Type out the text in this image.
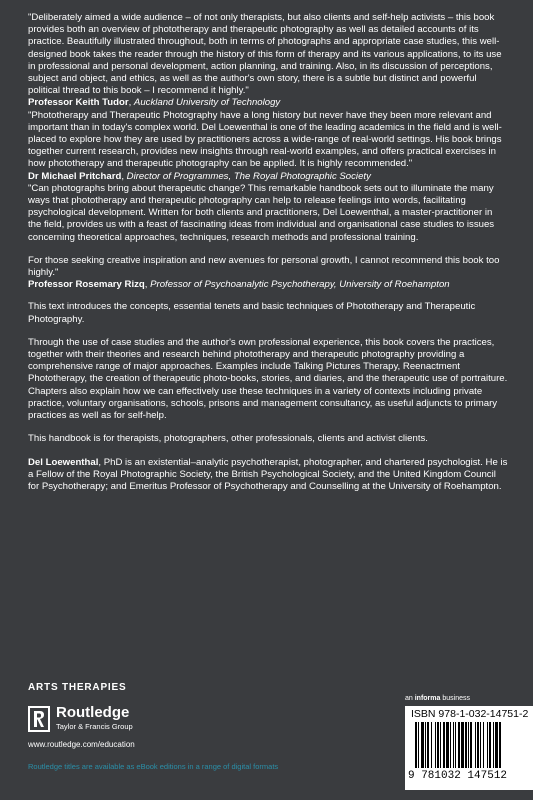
"Deliberately aimed a wide audience – of not only therapists, but also clients and self-help activists – this book provides both an overview of phototherapy and therapeutic photography as well as detailed accounts of its practice. Beautifully illustrated throughout, both in terms of photographs and appropriate case studies, this well-designed book takes the reader through the history of this form of therapy and its various applications, to its use in professional and personal development, action planning, and training. Also, in its discussion of perceptions, subject and object, and ethics, as well as the author's own story, there is a subtle but distinct and powerful political thread to this book – I recommend it highly."

Professor Keith Tudor, Auckland University of Technology

"Phototherapy and Therapeutic Photography have a long history but never have they been more relevant and important than in today's complex world. Del Loewenthal is one of the leading academics in the field and is well-placed to explore how they are used by practitioners across a wide-range of real-world settings. His book brings together current research, provides new insights through real-world examples, and offers practical exercises in how phototherapy and therapeutic photography can be applied. It is highly recommended."

Dr Michael Pritchard, Director of Programmes, The Royal Photographic Society

"Can photographs bring about therapeutic change? This remarkable handbook sets out to illuminate the many ways that phototherapy and therapeutic photography can help to release feelings into words, facilitating psychological development. Written for both clients and practitioners, Del Loewenthal, a master-practitioner in the field, provides us with a feast of fascinating ideas from individual and organisational case studies to issues concerning theoretical approaches, techniques, research methods and professional training.

For those seeking creative inspiration and new avenues for personal growth, I cannot recommend this book too highly."

Professor Rosemary Rizq, Professor of Psychoanalytic Psychotherapy, University of Roehampton

This text introduces the concepts, essential tenets and basic techniques of Phototherapy and Therapeutic Photography.

Through the use of case studies and the author's own professional experience, this book covers the practices, together with their theories and research behind phototherapy and therapeutic photography providing a comprehensive range of major approaches. Examples include Talking Pictures Therapy, Reenactment Phototherapy, the creation of therapeutic photo-books, stories, and diaries, and the therapeutic use of portraiture. Chapters also explain how we can effectively use these techniques in a variety of contexts including private practice, voluntary organisations, schools, prisons and management consultancy, as useful adjuncts to primary practices as well as for self-help.

This handbook is for therapists, photographers, other professionals, clients and activist clients.

Del Loewenthal, PhD is an existential–analytic psychotherapist, photographer, and chartered psychologist. He is a Fellow of the Royal Photographic Society, the British Psychological Society, and the United Kingdom Council for Psychotherapy; and Emeritus Professor of Psychotherapy and Counselling at the University of Roehampton.

ARTS THERAPIES
Routledge
Taylor & Francis Group
www.routledge.com/education
Routledge titles are available as eBook editions in a range of digital formats
an informa business
ISBN 978-1-032-14751-2
9 781032 147512
